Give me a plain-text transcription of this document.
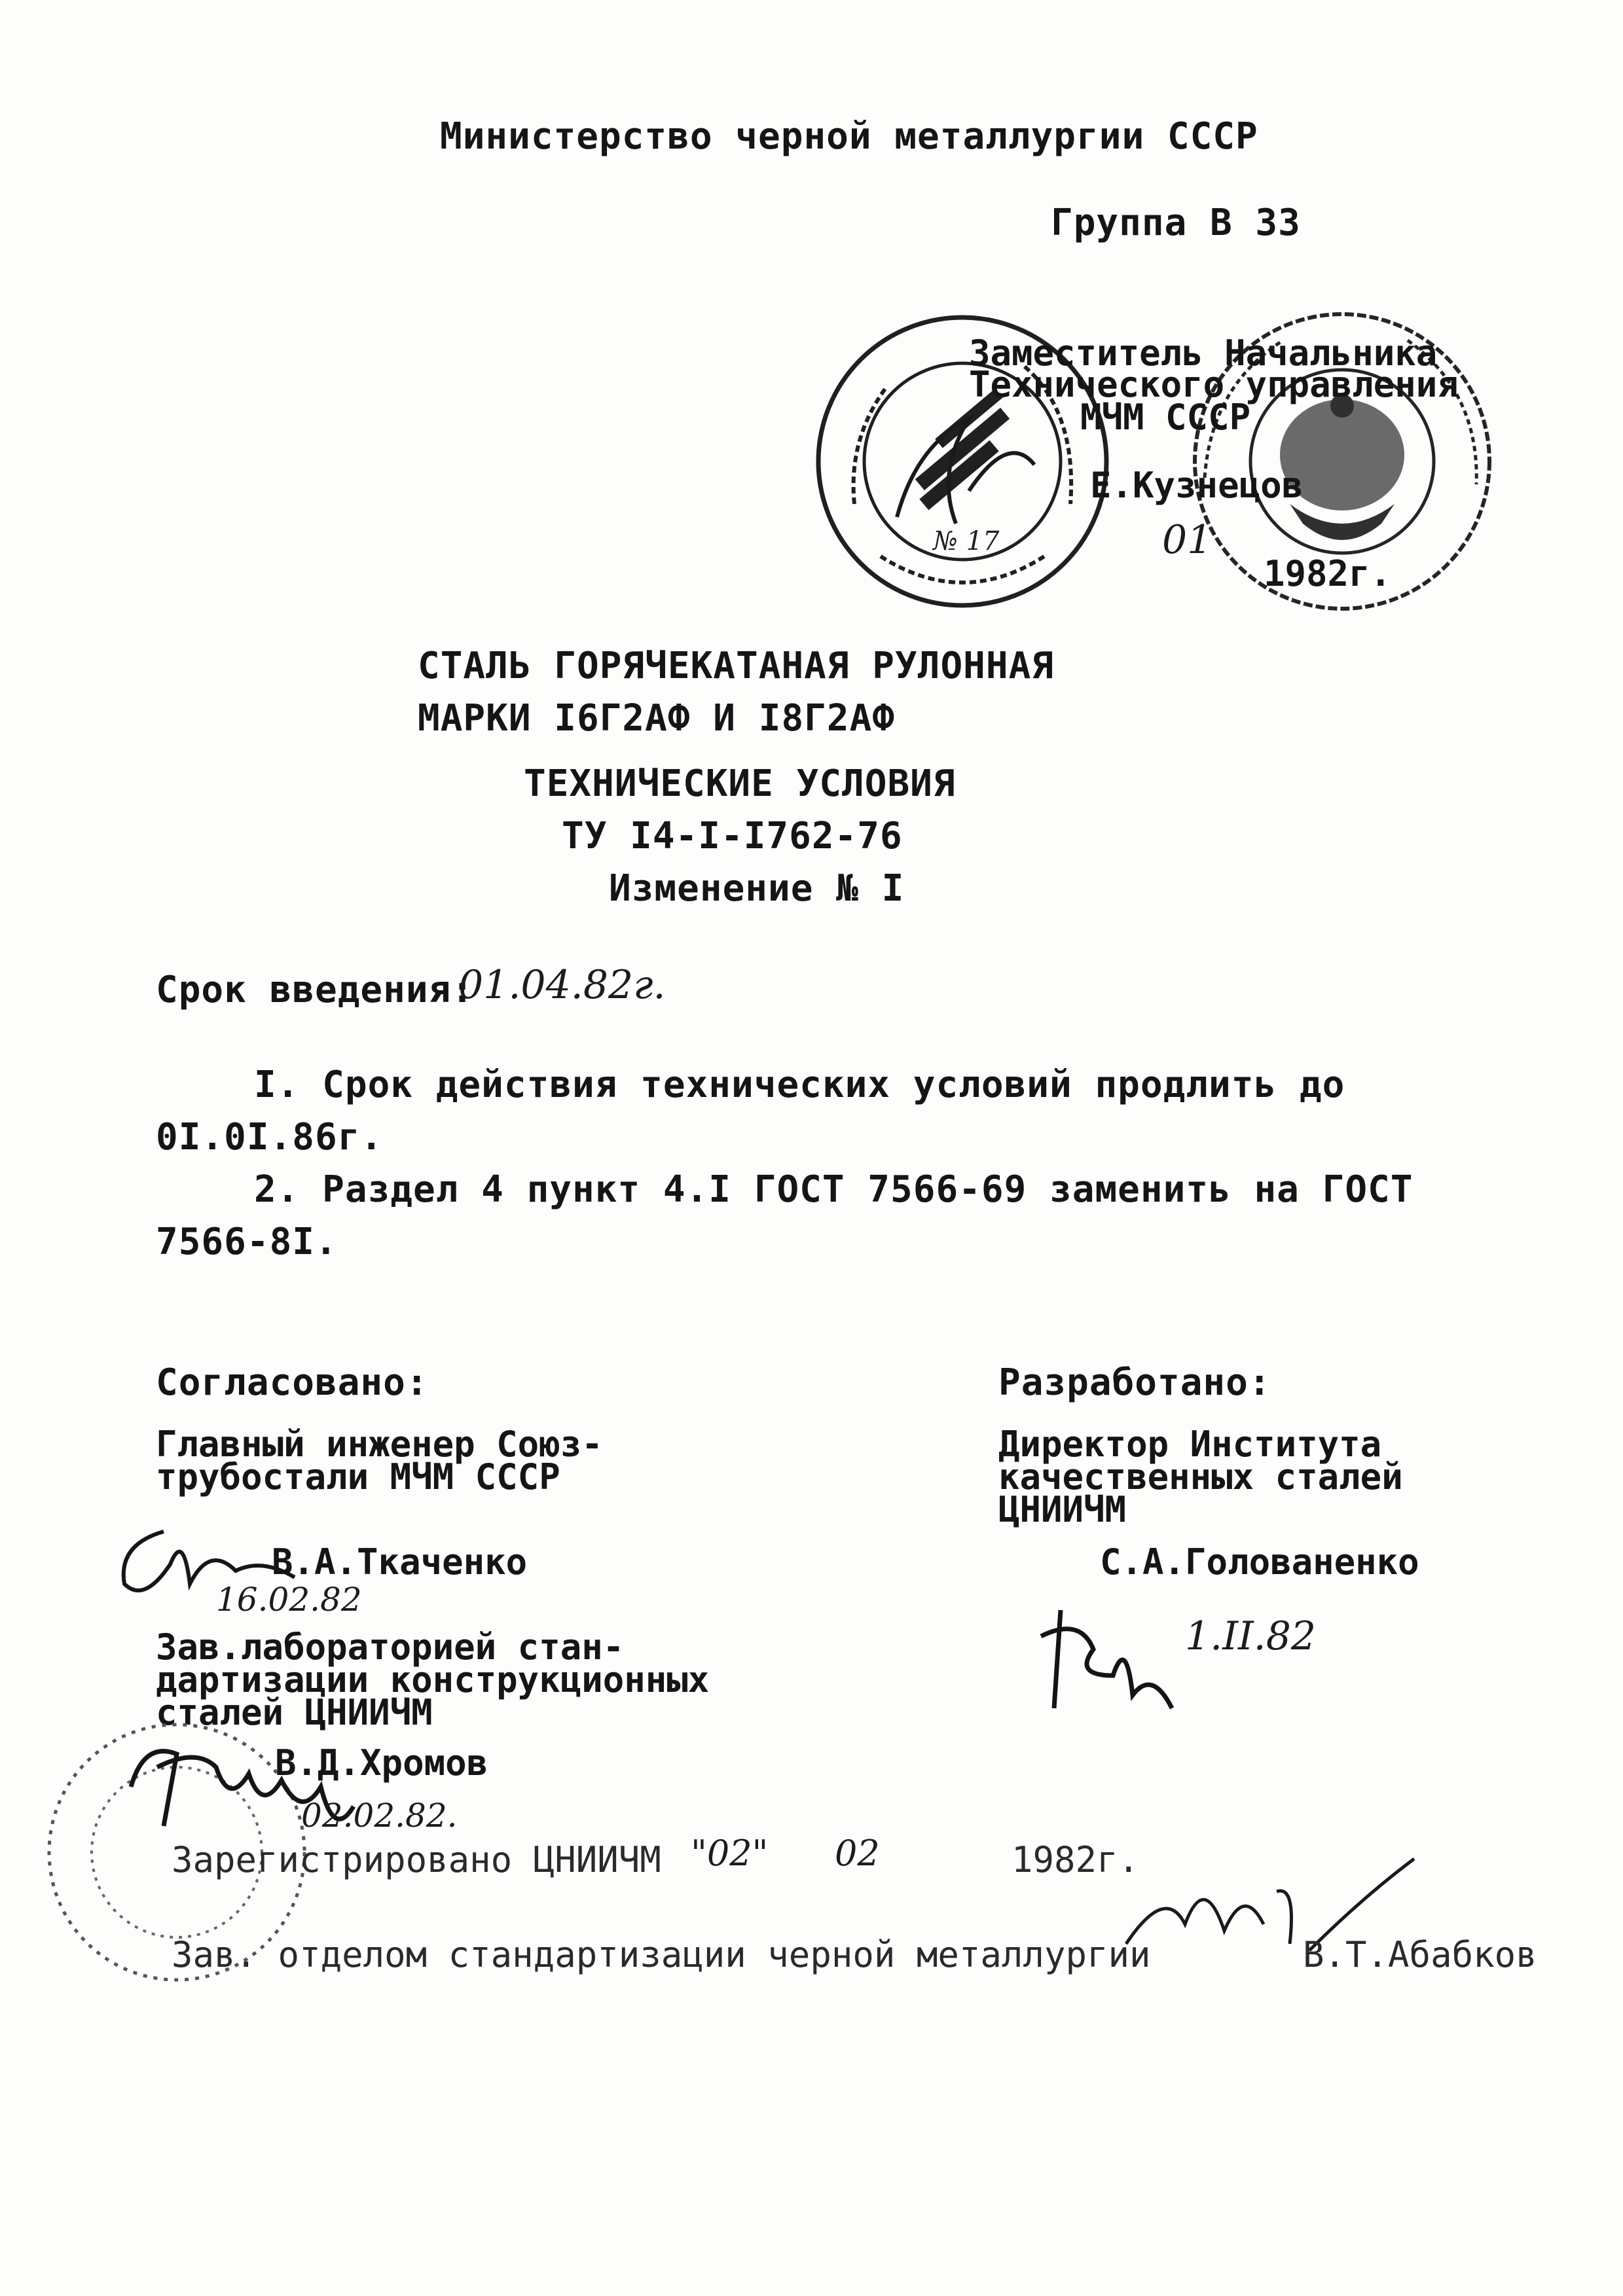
Министерство черной металлургии СССР
Группа В 33
№ 17
Заместитель Начальника
Технического управления
МЧМ СССР
Е.Кузнецов
01
1982г.
СТАЛЬ ГОРЯЧЕКАТАНАЯ РУЛОННАЯ
МАРКИ I6Г2АФ И I8Г2АФ
ТЕХНИЧЕСКИЕ УСЛОВИЯ
ТУ I4-I-I762-76
Изменение № I
Срок введения:
01.04.82г.
I. Срок действия технических условий продлить до
0I.0I.86г.
2. Раздел 4 пункт 4.I ГОСТ 7566-69 заменить на ГОСТ
7566-8I.
Согласовано:
Главный инженер Союз-
трубостали МЧМ СССР
В.А.Ткаченко
16.02.82
Зав.лабораторией стан-
дартизации конструкционных
сталей ЦНИИЧМ
В.Д.Хромов
02.02.82.
Разработано:
Директор Института
качественных сталей
ЦНИИЧМ
С.А.Голованенко
1.II.82
Зарегистрировано ЦНИИЧМ "02" 02	1982г.
Зав. отделом стандартизации черной металлургии	В.Т.Абабков
